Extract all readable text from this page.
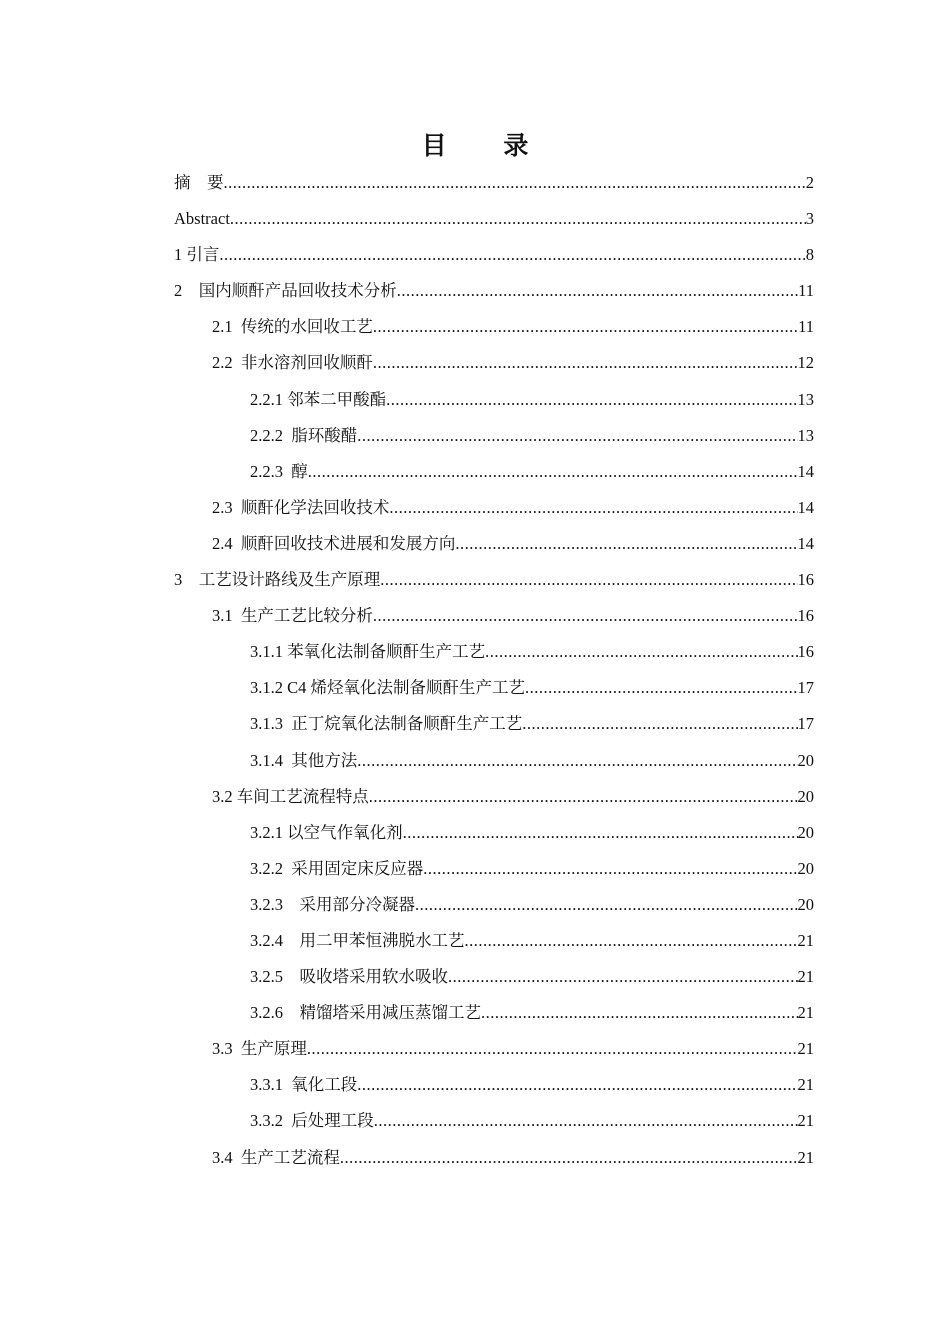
目 录
摘    要 .....	2
Abstract .....	3
1 引言 .....	8
2    国内顺酐产品回收技术分析 .....	11
2.1  传统的水回收工艺 .....	11
2.2  非水溶剂回收顺酐 .....	12
2.2.1 邻苯二甲酸酯 .....	13
2.2.2  脂环酸醋 .....	13
2.2.3  醇 .....	14
2.3  顺酐化学法回收技术 .....	14
2.4  顺酐回收技术进展和发展方向 .....	14
3    工艺设计路线及生产原理 .....	16
3.1  生产工艺比较分析 .....	16
3.1.1 苯氧化法制备顺酐生产工艺 .....	16
3.1.2 C4 烯烃氧化法制备顺酐生产工艺 .....	17
3.1.3  正丁烷氧化法制备顺酐生产工艺 .....	17
3.1.4  其他方法 .....	20
3.2 车间工艺流程特点 .....	20
3.2.1 以空气作氧化剂 .....	20
3.2.2  采用固定床反应器 .....	20
3.2.3    采用部分冷凝器 .....	20
3.2.4    用二甲苯恒沸脱水工艺 .....	21
3.2.5    吸收塔采用软水吸收 .....	21
3.2.6    精馏塔采用减压蒸馏工艺 .....	21
3.3  生产原理 .....	21
3.3.1  氧化工段 .....	21
3.3.2  后处理工段 .....	21
3.4  生产工艺流程 .....	21
